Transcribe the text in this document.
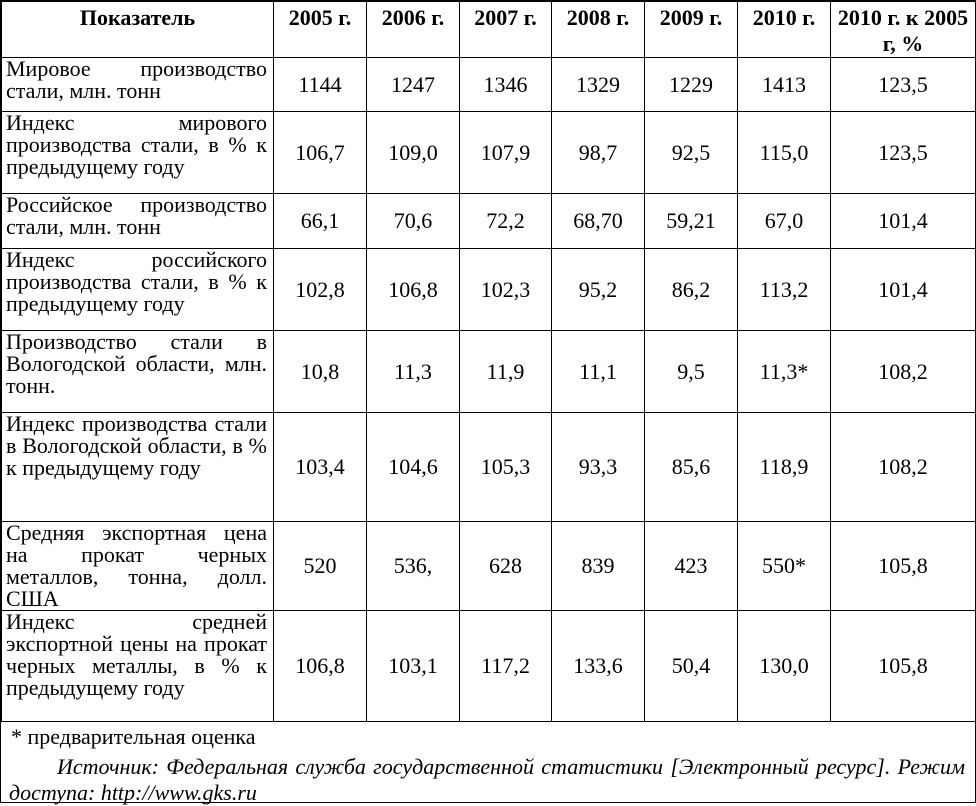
Показатель	2005 г.	2006 г.	2007 г.	2008 г.	2009 г.	2010 г.	2010 г. к 2005 г, %
Мировое производство стали, млн. тонн	1144	1247	1346	1329	1229	1413	123,5
Индекс мирового производства стали, в % к предыдущему году	106,7	109,0	107,9	98,7	92,5	115,0	123,5
Российское производство стали, млн. тонн	66,1	70,6	72,2	68,70	59,21	67,0	101,4
Индекс российского производства стали, в % к предыдущему году	102,8	106,8	102,3	95,2	86,2	113,2	101,4
Производство стали в Вологодской области, млн. тонн.	10,8	11,3	11,9	11,1	9,5	11,3*	108,2
Индекс производства стали в Вологодской области, в % к предыдущему году	103,4	104,6	105,3	93,3	85,6	118,9	108,2
Средняя экспортная цена на прокат черных металлов, тонна, долл. США	520	536,	628	839	423	550*	105,8
Индекс средней экспортной цены на прокат черных металлы, в % к предыдущему году	106,8	103,1	117,2	133,6	50,4	130,0	105,8
* предварительная оценка
Источник: Федеральная служба государственной статистики [Электронный ресурс]. Режим доступа: http://www.gks.ru
